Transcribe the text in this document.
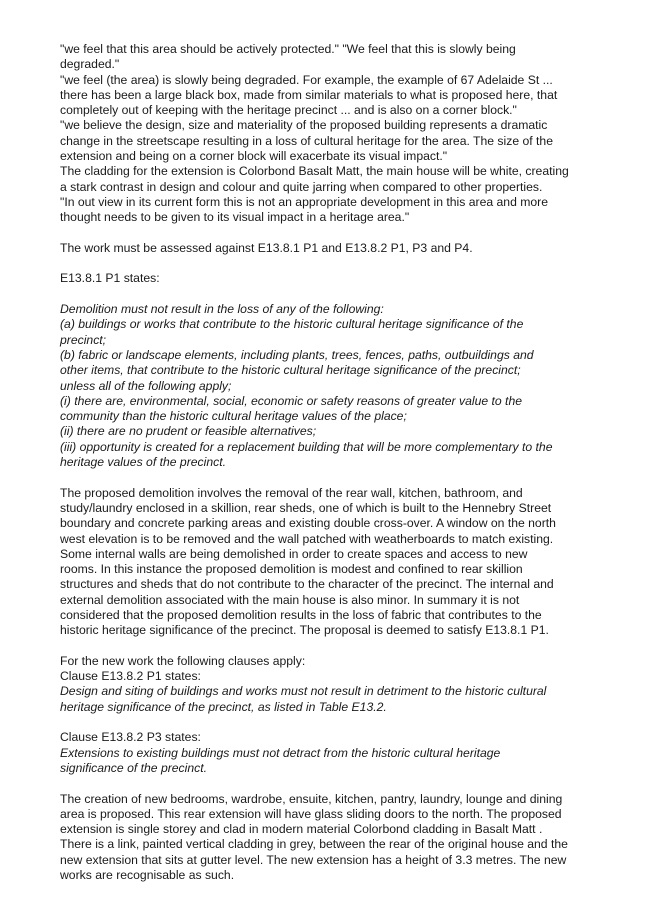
"we feel that this area should be actively protected." "We feel that this is slowly being
degraded."
"we feel (the area) is slowly being degraded. For example, the example of 67 Adelaide St ...
there has been a large black box, made from similar materials to what is proposed here, that
completely out of keeping with the heritage precinct ... and is also on a corner block."
"we believe the design, size and materiality of the proposed building represents a dramatic
change in the streetscape resulting in a loss of cultural heritage for the area. The size of the
extension and being on a corner block will exacerbate its visual impact."
The cladding for the extension is Colorbond Basalt Matt, the main house will be white, creating
a stark contrast in design and colour and quite jarring when compared to other properties.
"In out view in its current form this is not an appropriate development in this area and more
thought needs to be given to its visual impact in a heritage area."
The work must be assessed against E13.8.1 P1 and E13.8.2 P1, P3 and P4.
E13.8.1 P1 states:
Demolition must not result in the loss of any of the following:
(a) buildings or works that contribute to the historic cultural heritage significance of the
precinct;
(b) fabric or landscape elements, including plants, trees, fences, paths, outbuildings and
other items, that contribute to the historic cultural heritage significance of the precinct;
unless all of the following apply;
(i) there are, environmental, social, economic or safety reasons of greater value to the
community than the historic cultural heritage values of the place;
(ii) there are no prudent or feasible alternatives;
(iii) opportunity is created for a replacement building that will be more complementary to the
heritage values of the precinct.
The proposed demolition involves the removal of the rear wall, kitchen, bathroom, and
study/laundry enclosed in a skillion, rear sheds, one of which is built to the Hennebry Street
boundary and concrete parking areas and existing double cross-over. A window on the north
west elevation is to be removed and the wall patched with weatherboards to match existing.
Some internal walls are being demolished in order to create spaces and access to new
rooms. In this instance the proposed demolition is modest and confined to rear skillion
structures and sheds that do not contribute to the character of the precinct. The internal and
external demolition associated with the main house is also minor. In summary it is not
considered that the proposed demolition results in the loss of fabric that contributes to the
historic heritage significance of the precinct. The proposal is deemed to satisfy E13.8.1 P1.
For the new work the following clauses apply:
Clause E13.8.2 P1 states:
Design and siting of buildings and works must not result in detriment to the historic cultural
heritage significance of the precinct, as listed in Table E13.2.
Clause E13.8.2 P3 states:
Extensions to existing buildings must not detract from the historic cultural heritage
significance of the precinct.
The creation of new bedrooms, wardrobe, ensuite, kitchen, pantry, laundry, lounge and dining
area is proposed. This rear extension will have glass sliding doors to the north. The proposed
extension is single storey and clad in modern material Colorbond cladding in Basalt Matt .
There is a link, painted vertical cladding in grey, between the rear of the original house and the
new extension that sits at gutter level. The new extension has a height of 3.3 metres. The new
works are recognisable as such.
